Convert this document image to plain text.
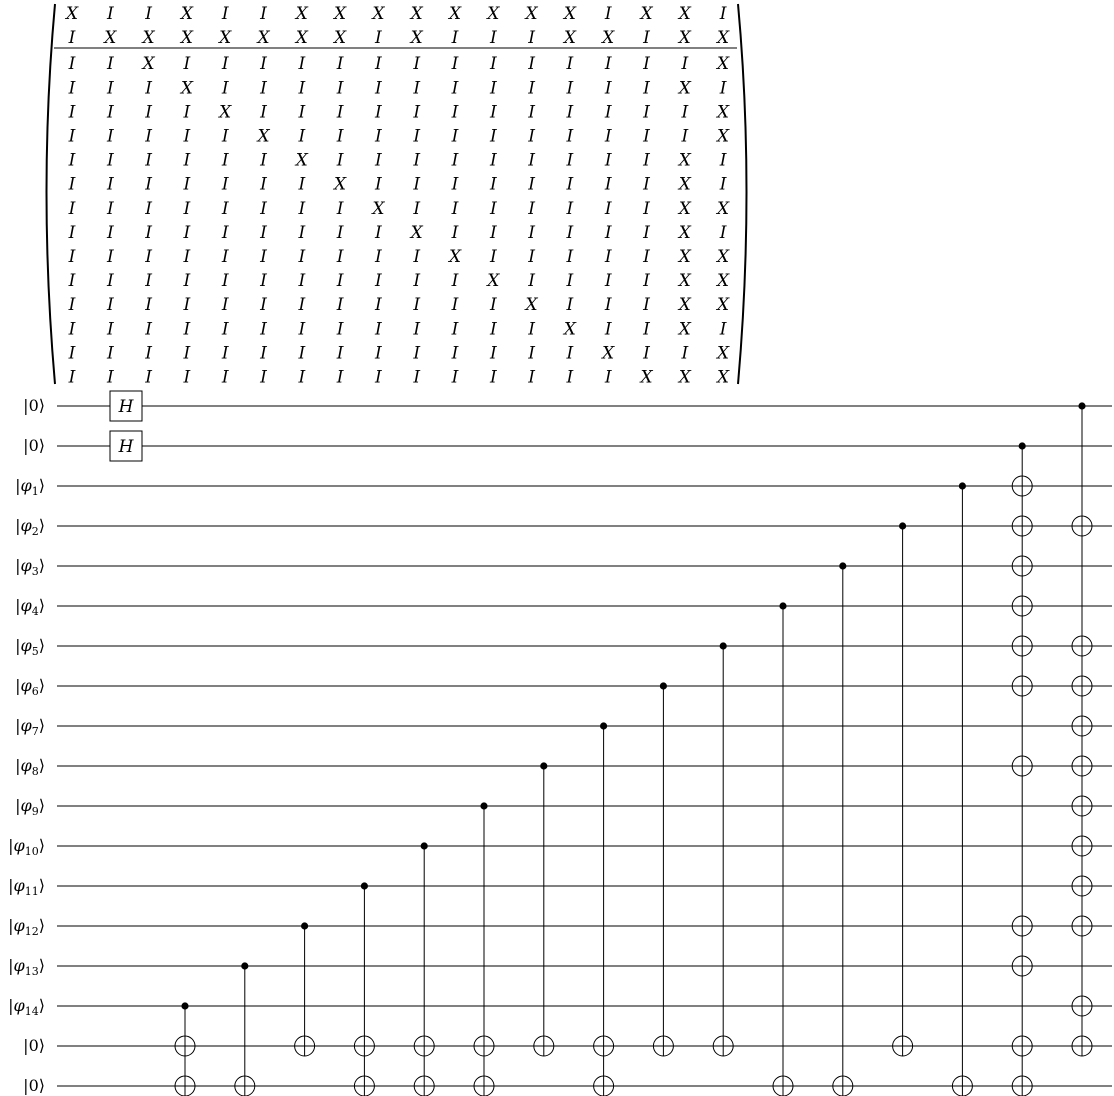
X I I X I I X X X X X X X X I X X I
I X X X X X X X I X I I I X X I X X
I I X I I I I I I I I I I I I I I X
I I I X I I I I I I I I I I I I X I
I I I I X I I I I I I I I I I I I X
I I I I I X I I I I I I I I I I I X
I I I I I I X I I I I I I I I I X I
I I I I I I I X I I I I I I I I X I
I I I I I I I I X I I I I I I I X X
I I I I I I I I I X I I I I I I X I
I I I I I I I I I I X I I I I I X X
I I I I I I I I I I I X I I I I X X
I I I I I I I I I I I I X I I I X X
I I I I I I I I I I I I I X I I X I
I I I I I I I I I I I I I I X I I X
I I I I I I I I I I I I I I I X X X
|0⟩
|0⟩
$|\varphi_1⟩$
$|\varphi_2⟩$
$|\varphi_3⟩$
$|\varphi_4⟩$
$|\varphi_5⟩$
$|\varphi_6⟩$
$|\varphi_7⟩$
$|\varphi_8⟩$
$|\varphi_9⟩$
$|\varphi_{10}⟩$
$|\varphi_{11}⟩$
$|\varphi_{12}⟩$
$|\varphi_{13}⟩$
$|\varphi_{14}⟩$
|0⟩
|0⟩
H
H
